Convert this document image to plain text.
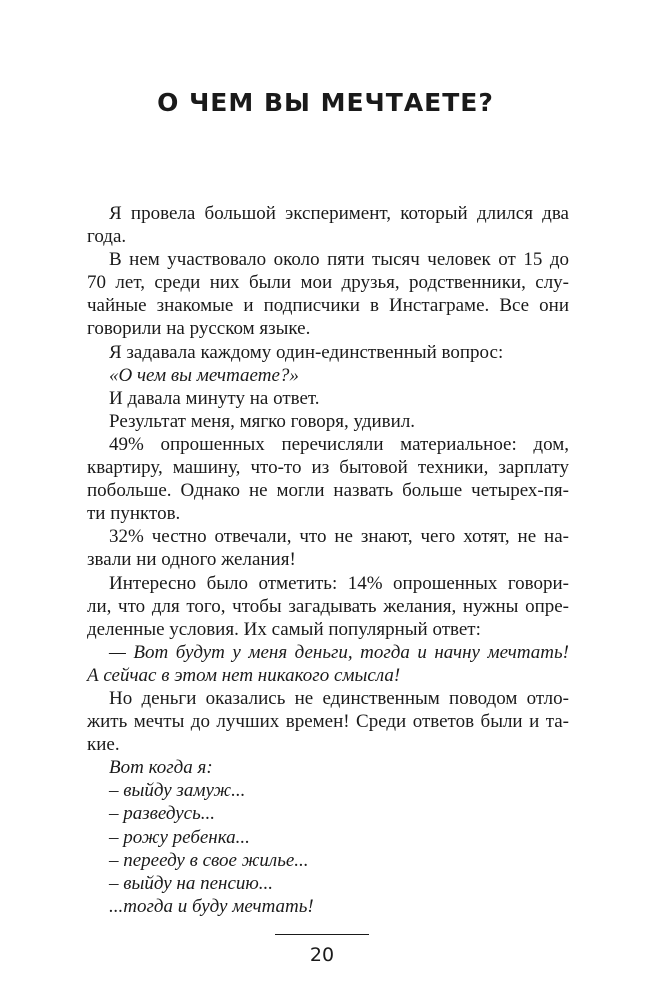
О ЧЕМ ВЫ МЕЧТАЕТЕ?
Я провела большой эксперимент, который длился два
года.
В нем участвовало около пяти тысяч человек от 15 до
70 лет, среди них были мои друзья, родственники, слу-
чайные знакомые и подписчики в Инстаграме. Все они
говорили на русском языке.
Я задавала каждому один-единственный вопрос:
«О чем вы мечтаете?»
И давала минуту на ответ.
Результат меня, мягко говоря, удивил.
49% опрошенных перечисляли материальное: дом,
квартиру, машину, что-то из бытовой техники, зарплату
побольше. Однако не могли назвать больше четырех-пя-
ти пунктов.
32% честно отвечали, что не знают, чего хотят, не на-
звали ни одного желания!
Интересно было отметить: 14% опрошенных говори-
ли, что для того, чтобы загадывать желания, нужны опре-
деленные условия. Их самый популярный ответ:
— Вот будут у меня деньги, тогда и начну мечтать!
А сейчас в этом нет никакого смысла!
Но деньги оказались не единственным поводом отло-
жить мечты до лучших времен! Среди ответов были и та-
кие.
Вот когда я:
– выйду замуж...
– разведусь...
– рожу ребенка...
– перееду в свое жилье...
– выйду на пенсию...
...тогда и буду мечтать!
20
